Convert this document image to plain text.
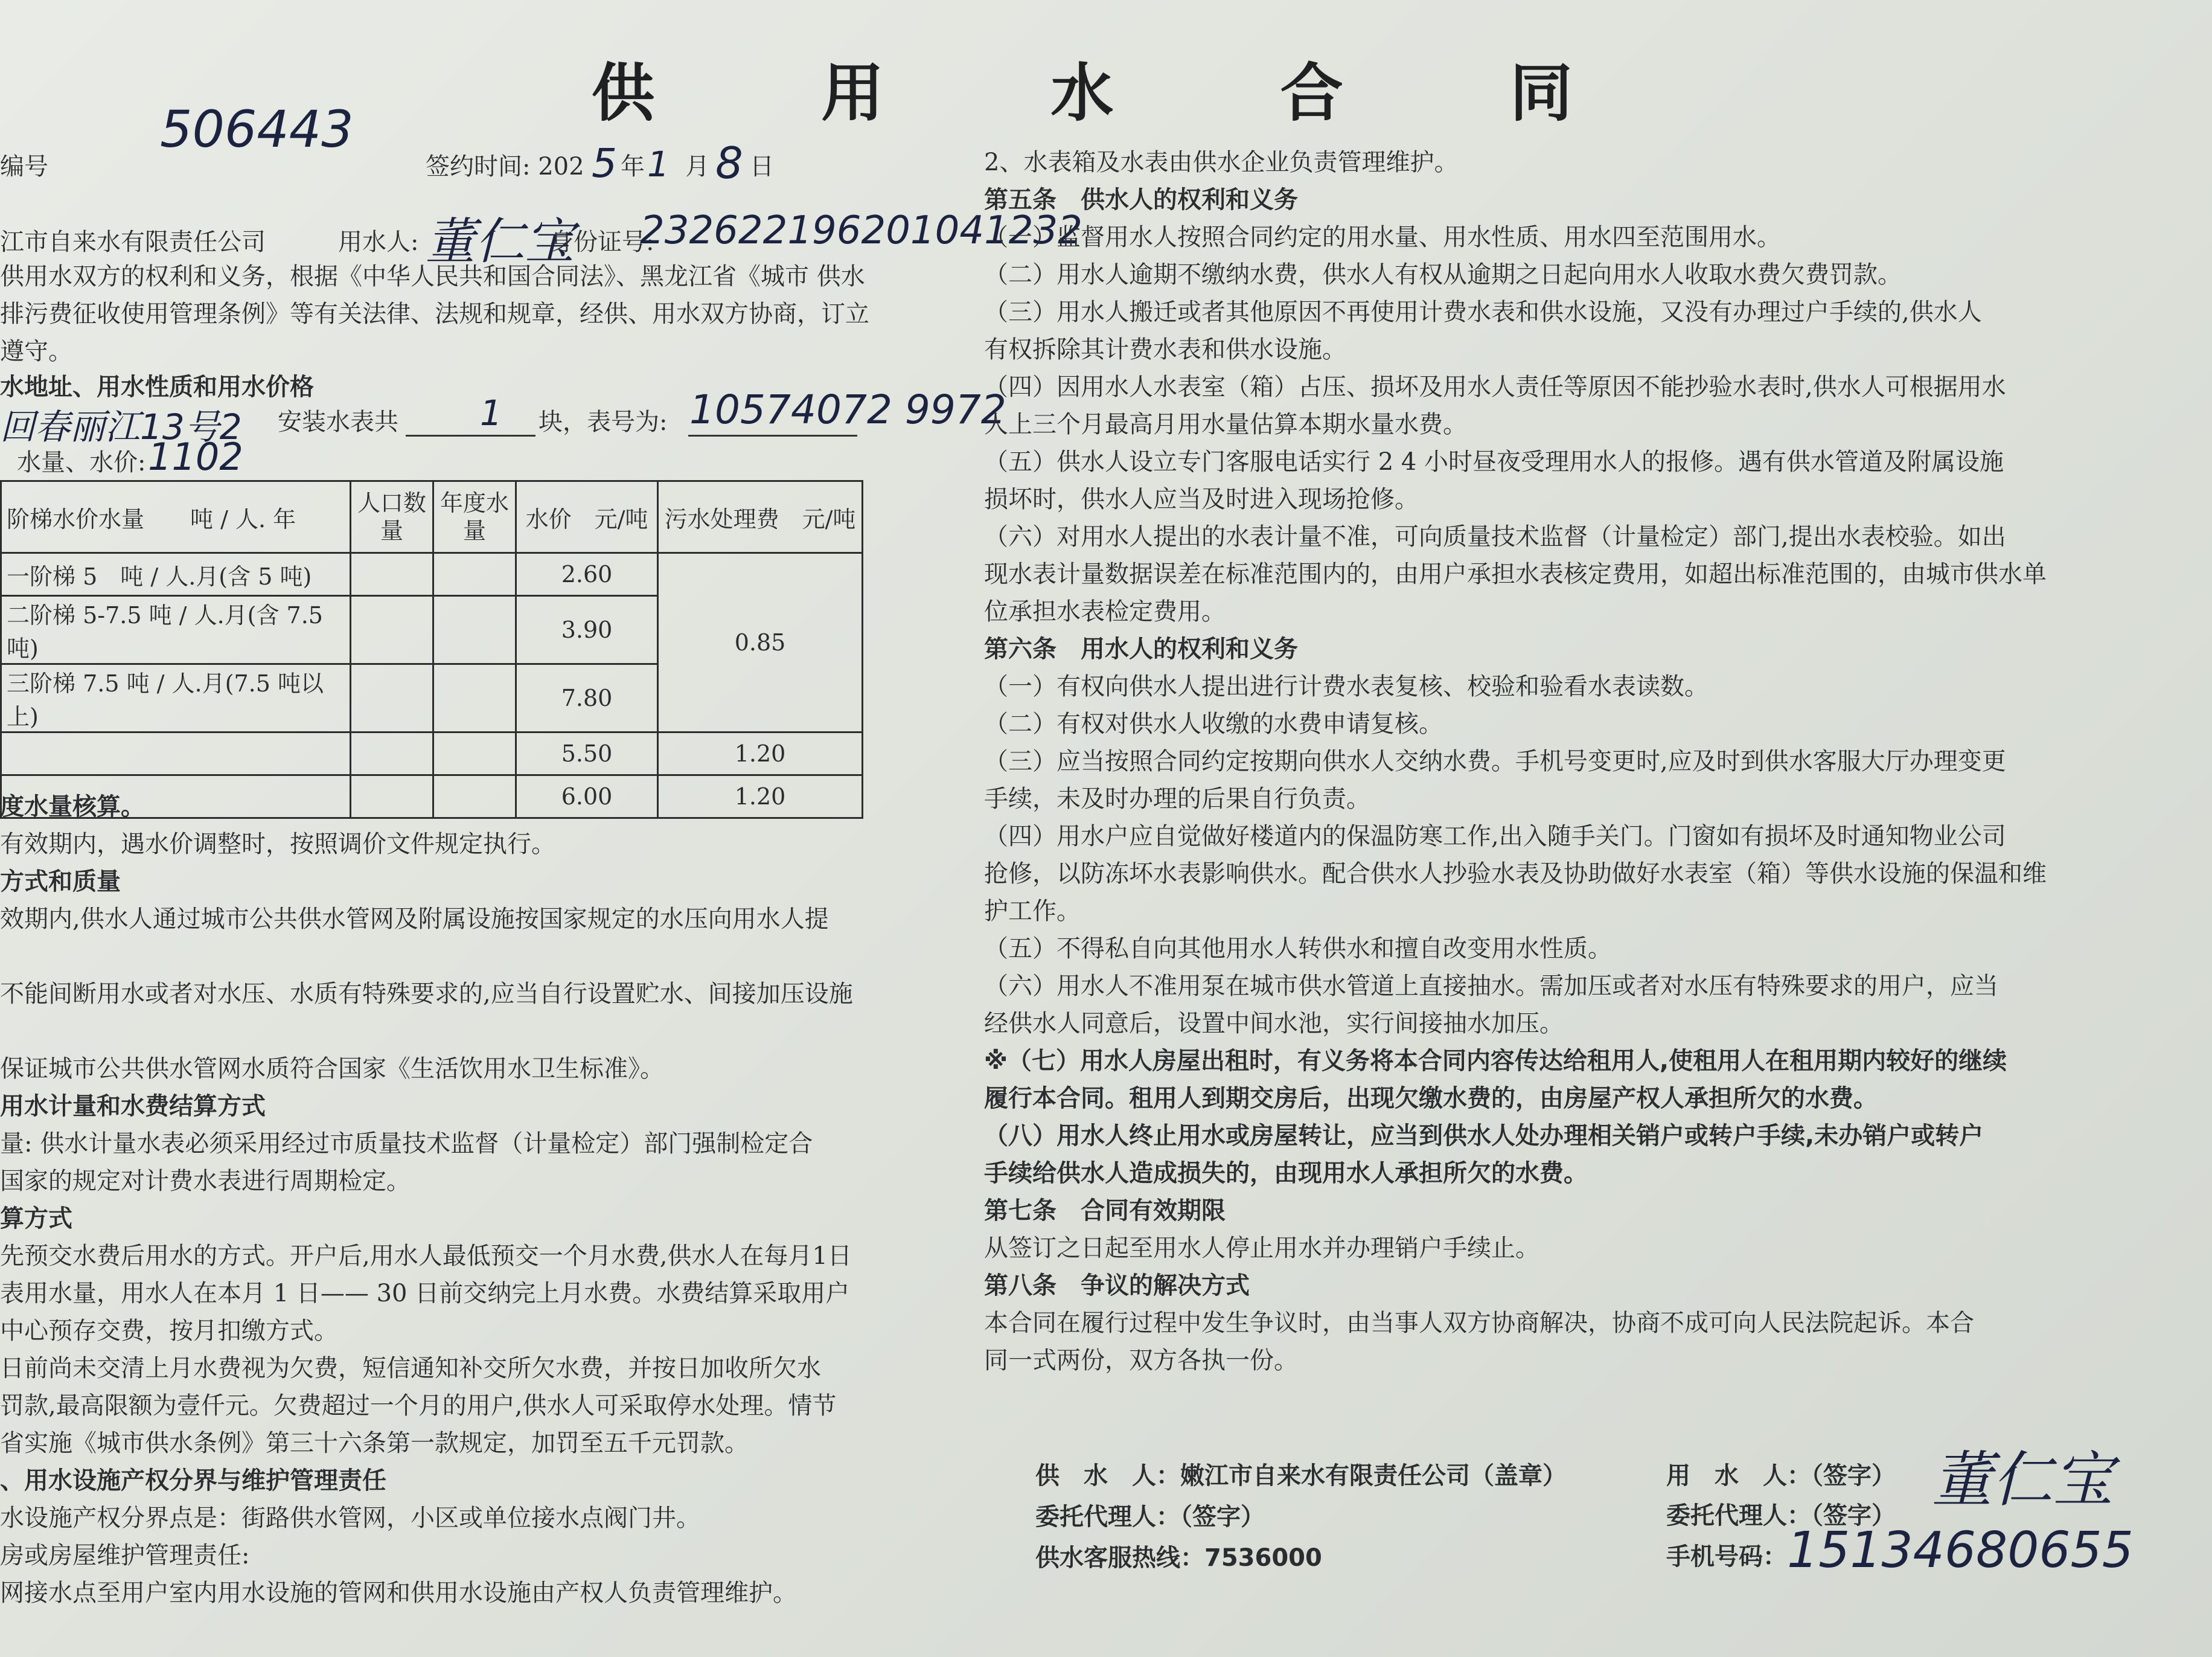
供 用 水 合 同
506443
编号	签约时间: 202 5 年 1 月 8 日
江市自来水有限责任公司	用水人: 董仁宝
身份证号:
232622196201041232
供用水双方的权利和义务，根据《中华人民共和国合同法》、黑龙江省《城市 供水
排污费征收使用管理条例》等有关法律、法规和规章，经供、用水双方协商，订立
遵守。
水地址、用水性质和用水价格
回春丽江13号2 安装水表共 1 块，表号为: 10574072 9972
水量、水价: 1102
阶梯水价水量　　吨 / 人. 年	人口数量	年度水量	水价　元/吨	污水处理费　元/吨
一阶梯 5　吨 / 人.月(含 5 吨)			2.60	0.85
二阶梯 5-7.5 吨 / 人.月(含 7.5 吨)			3.90	
三阶梯 7.5 吨 / 人.月(7.5 吨以上)			7.80	
			5.50	1.20
			6.00	1.20
度水量核算。
有效期内，遇水价调整时，按照调价文件规定执行。
方式和质量
效期内,供水人通过城市公共供水管网及附属设施按国家规定的水压向用水人提
不能间断用水或者对水压、水质有特殊要求的,应当自行设置贮水、间接加压设施
保证城市公共供水管网水质符合国家《生活饮用水卫生标准》。
用水计量和水费结算方式
量: 供水计量水表必须采用经过市质量技术监督（计量检定）部门强制检定合
国家的规定对计费水表进行周期检定。
算方式
先预交水费后用水的方式。开户后,用水人最低预交一个月水费,供水人在每月1日
表用水量，用水人在本月 1 日—— 30 日前交纳完上月水费。水费结算采取用户
中心预存交费，按月扣缴方式。
日前尚未交清上月水费视为欠费，短信通知补交所欠水费，并按日加收所欠水
罚款,最高限额为壹仟元。欠费超过一个月的用户,供水人可采取停水处理。情节
省实施《城市供水条例》第三十六条第一款规定，加罚至五千元罚款。
、用水设施产权分界与维护管理责任
水设施产权分界点是：街路供水管网，小区或单位接水点阀门井。
房或房屋维护管理责任:
网接水点至用户室内用水设施的管网和供用水设施由产权人负责管理维护。
2、水表箱及水表由供水企业负责管理维护。
第五条　供水人的权利和义务
（一）监督用水人按照合同约定的用水量、用水性质、用水四至范围用水。
（二）用水人逾期不缴纳水费，供水人有权从逾期之日起向用水人收取水费欠费罚款。
（三）用水人搬迁或者其他原因不再使用计费水表和供水设施，又没有办理过户手续的,供水人
有权拆除其计费水表和供水设施。
（四）因用水人水表室（箱）占压、损坏及用水人责任等原因不能抄验水表时,供水人可根据用水
人上三个月最高月用水量估算本期水量水费。
（五）供水人设立专门客服电话实行 2 4 小时昼夜受理用水人的报修。遇有供水管道及附属设施
损坏时，供水人应当及时进入现场抢修。
（六）对用水人提出的水表计量不准，可向质量技术监督（计量检定）部门,提出水表校验。如出
现水表计量数据误差在标准范围内的，由用户承担水表核定费用，如超出标准范围的，由城市供水单
位承担水表检定费用。
第六条　用水人的权利和义务
（一）有权向供水人提出进行计费水表复核、校验和验看水表读数。
（二）有权对供水人收缴的水费申请复核。
（三）应当按照合同约定按期向供水人交纳水费。手机号变更时,应及时到供水客服大厅办理变更
手续，未及时办理的后果自行负责。
（四）用水户应自觉做好楼道内的保温防寒工作,出入随手关门。门窗如有损坏及时通知物业公司
抢修，以防冻坏水表影响供水。配合供水人抄验水表及协助做好水表室（箱）等供水设施的保温和维
护工作。
（五）不得私自向其他用水人转供水和擅自改变用水性质。
（六）用水人不准用泵在城市供水管道上直接抽水。需加压或者对水压有特殊要求的用户，应当
经供水人同意后，设置中间水池，实行间接抽水加压。
※（七）用水人房屋出租时，有义务将本合同内容传达给租用人,使租用人在租用期内较好的继续
履行本合同。租用人到期交房后，出现欠缴水费的，由房屋产权人承担所欠的水费。
（八）用水人终止用水或房屋转让，应当到供水人处办理相关销户或转户手续,未办销户或转户
手续给供水人造成损失的，由现用水人承担所欠的水费。
第七条　合同有效期限
从签订之日起至用水人停止用水并办理销户手续止。
第八条　争议的解决方式
本合同在履行过程中发生争议时，由当事人双方协商解决，协商不成可向人民法院起诉。本合
同一式两份，双方各执一份。
供　水　人：嫩江市自来水有限责任公司（盖章）
委托代理人：（签字）
供水客服热线：7536000
用　水　人：（签字） 董仁宝
委托代理人：（签字）
手机号码： 15134680655
